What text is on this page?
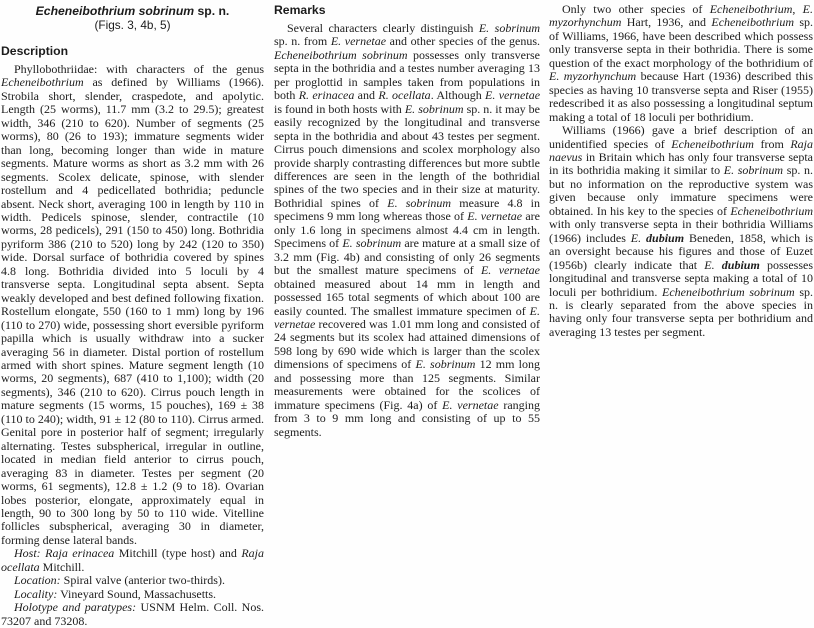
Echeneibothrium sobrinum sp. n.
(Figs. 3, 4b, 5)
Description

Phyllobothriidae: with characters of the genus Echeneibothrium as defined by Williams (1966). Strobila short, slender, craspedote, and apolytic. Length (25 worms), 11.7 mm (3.2 to 29.5); greatest width, 346 (210 to 620). Number of segments (25 worms), 80 (26 to 193); immature segments wider than long, becoming longer than wide in mature segments. Mature worms as short as 3.2 mm with 26 segments. Scolex delicate, spinose, with slender rostellum and 4 pedicellated bothridia; peduncle absent. Neck short, averaging 100 in length by 110 in width. Pedicels spinose, slender, contractile (10 worms, 28 pedicels), 291 (150 to 450) long. Bothridia pyriform 386 (210 to 520) long by 242 (120 to 350) wide. Dorsal surface of bothridia covered by spines 4.8 long. Bothridia divided into 5 loculi by 4 transverse septa. Longitudinal septa absent. Septa weakly developed and best defined following fixation. Rostellum elongate, 550 (160 to 1 mm) long by 196 (110 to 270) wide, possessing short eversible pyriform papilla which is usually withdraw into a sucker averaging 56 in diameter. Distal portion of rostellum armed with short spines. Mature segment length (10 worms, 20 segments), 687 (410 to 1,100); width (20 segments), 346 (210 to 620). Cirrus pouch length in mature segments (15 worms, 15 pouches), 169 ± 38 (110 to 240); width, 91 ± 12 (80 to 110). Cirrus armed. Genital pore in posterior half of segment; irregularly alternating. Testes subspherical, irregular in outline, located in median field anterior to cirrus pouch, averaging 83 in diameter. Testes per segment (20 worms, 61 segments), 12.8 ± 1.2 (9 to 18). Ovarian lobes posterior, elongate, approximately equal in length, 90 to 300 long by 50 to 110 wide. Vitelline follicles subspherical, averaging 30 in diameter, forming dense lateral bands.

Host: Raja erinacea Mitchill (type host) and Raja ocellata Mitchill.

Location: Spiral valve (anterior two-thirds).

Locality: Vineyard Sound, Massachusetts.

Holotype and paratypes: USNM Helm. Coll. Nos. 73207 and 73208.

Remarks

Several characters clearly distinguish E. sobrinum sp. n. from E. vernetae and other species of the genus. Echeneibothrium sobrinum possesses only transverse septa in the bothridia and a testes number averaging 13 per proglottid in samples taken from populations in both R. erinacea and R. ocellata. Although E. vernetae is found in both hosts with E. sobrinum sp. n. it may be easily recognized by the longitudinal and transverse septa in the bothridia and about 43 testes per segment. Cirrus pouch dimensions and scolex morphology also provide sharply contrasting differences but more subtle differences are seen in the length of the bothridial spines of the two species and in their size at maturity. Bothridial spines of E. sobrinum measure 4.8 in specimens 9 mm long whereas those of E. vernetae are only 1.6 long in specimens almost 4.4 cm in length. Specimens of E. sobrinum are mature at a small size of 3.2 mm (Fig. 4b) and consisting of only 26 segments but the smallest mature specimens of E. vernetae obtained measured about 14 mm in length and possessed 165 total segments of which about 100 are easily counted. The smallest immature specimen of E. vernetae recovered was 1.01 mm long and consisted of 24 segments but its scolex had attained dimensions of 598 long by 690 wide which is larger than the scolex dimensions of specimens of E. sobrinum 12 mm long and possessing more than 125 segments. Similar measurements were obtained for the scolices of immature specimens (Fig. 4a) of E. vernetae ranging from 3 to 9 mm long and consisting of up to 55 segments.

Only two other species of Echeneibothrium, E. myzorhynchum Hart, 1936, and Echeneibothrium sp. of Williams, 1966, have been described which possess only transverse septa in their bothridia. There is some question of the exact morphology of the bothridium of E. myzorhynchum because Hart (1936) described this species as having 10 transverse septa and Riser (1955) redescribed it as also possessing a longitudinal septum making a total of 18 loculi per bothridium.

Williams (1966) gave a brief description of an unidentified species of Echeneibothrium from Raja naevus in Britain which has only four transverse septa in its bothridia making it similar to E. sobrinum sp. n. but no information on the reproductive system was given because only immature specimens were obtained. In his key to the species of Echeneibothrium with only transverse septa in their bothridia Williams (1966) includes E. dubium Beneden, 1858, which is an oversight because his figures and those of Euzet (1956b) clearly indicate that E. dubium possesses longitudinal and transverse septa making a total of 10 loculi per bothridium. Echeneibothrium sobrinum sp. n. is clearly separated from the above species in having only four transverse septa per bothridium and averaging 13 testes per segment.
